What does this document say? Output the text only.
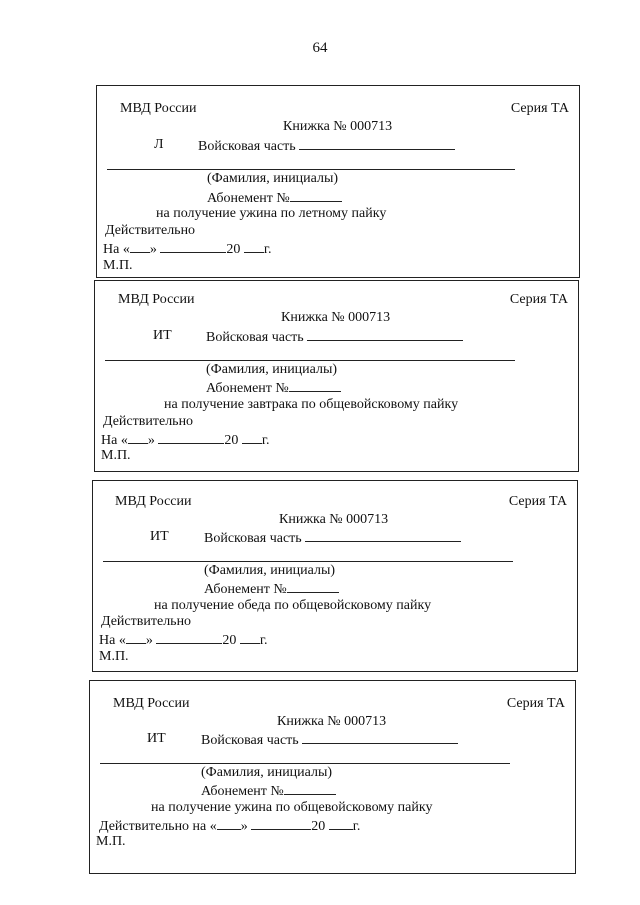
64
МВД России	Серия ТА
Книжка № 000713
Л Войсковая часть
(Фамилия, инициалы)
Абонемент №
на получение ужина по летному пайку
Действительно
На « »	20 г.
М.П.
МВД России	Серия ТА
Книжка № 000713
ИТ Войсковая часть
(Фамилия, инициалы)
Абонемент №
на получение завтрака по общевойсковому пайку
Действительно
На « »	20 г.
М.П.
МВД России	Серия ТА
Книжка № 000713
ИТ	Войсковая часть
(Фамилия, инициалы)
Абонемент №
на получение обеда по общевойсковому пайку
Действительно
На « »	20 г.
М.П.
МВД России	Серия ТА
Книжка № 000713
ИТ	Войсковая часть
(Фамилия, инициалы)
Абонемент №
на получение ужина по общевойсковому пайку
Действительно на « »	20 г.
М.П.
